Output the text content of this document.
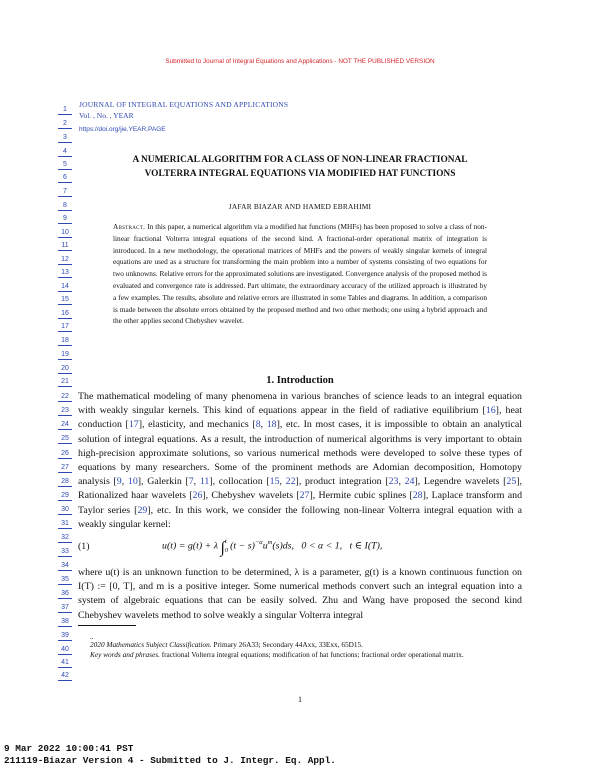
Submitted to Journal of Integral Equations and Applications - NOT THE PUBLISHED VERSION
1
2
3
4
5
6
7
8
9
10
11
12
13
14
15
16
17
18
19
20
21
22
23
24
25
26
27
28
29
30
31
32
33
34
35
36
37
38
39
40
41
42
JOURNAL OF INTEGRAL EQUATIONS AND APPLICATIONS
Vol. , No. , YEAR
https://doi.org/jie.YEAR.PAGE
A NUMERICAL ALGORITHM FOR A CLASS OF NON-LINEAR FRACTIONAL
VOLTERRA INTEGRAL EQUATIONS VIA MODIFIED HAT FUNCTIONS
JAFAR BIAZAR AND HAMED EBRAHIMI
Abstract. In this paper, a numerical algorithm via a modified hat functions (MHFs) has been proposed to solve a class of non-linear fractional Volterra integral equations of the second kind. A fractional-order operational matrix of integration is introduced. In a new methodology, the operational matrices of MHFs and the powers of weakly singular kernels of integral equations are used as a structure for transforming the main problem into a number of systems consisting of two equations for two unknowns. Relative errors for the approximated solutions are investigated. Convergence analysis of the proposed method is evaluated and convergence rate is addressed. Part ultimate, the extraordinary accuracy of the utilized approach is illustrated by a few examples. The results, absolute and relative errors are illustrated in some Tables and diagrams. In addition, a comparison is made between the absolute errors obtained by the proposed method and two other methods; one using a hybrid approach and the other applies second Chebyshev wavelet.
1. Introduction
The mathematical modeling of many phenomena in various branches of science leads to an integral equation with weakly singular kernels. This kind of equations appear in the field of radiative equilibrium [16], heat conduction [17], elasticity, and mechanics [8, 18], etc. In most cases, it is impossible to obtain an analytical solution of integral equations. As a result, the introduction of numerical algorithms is very important to obtain high-precision approximate solutions, so various numerical methods were developed to solve these types of equations by many researchers. Some of the prominent methods are Adomian decomposition, Homotopy analysis [9, 10], Galerkin [7, 11], collocation [15, 22], product integration [23, 24], Legendre wavelets [25], Rationalized haar wavelets [26], Chebyshev wavelets [27], Hermite cubic splines [28], Laplace transform and Taylor series [29], etc. In this work, we consider the following non-linear Volterra integral equation with a weakly singular kernel:
(1)	u(t) = g(t) + λ ∫ t
0 $(t - s)^{-\alpha}u^m(s)ds$, 0 < α < 1, t ∈ I(T),
where u(t) is an unknown function to be determined, λ is a parameter, g(t) is a known continuous function on I(T) := [0, T], and m is a positive integer. Some numerical methods convert such an integral equation into a system of algebraic equations that can be easily solved. Zhu and Wang have proposed the second kind Chebyshev wavelets method to solve weakly a singular Volterra integral
..
2020 Mathematics Subject Classification. Primary 26A33; Secondary 44Axx, 33Exx, 65D15.
Key words and phrases. fractional Volterra integral equations; modification of hat functions; fractional order operational matrix.
1
9 Mar 2022 10:00:41 PST
211119-Biazar Version 4 - Submitted to J. Integr. Eq. Appl.
